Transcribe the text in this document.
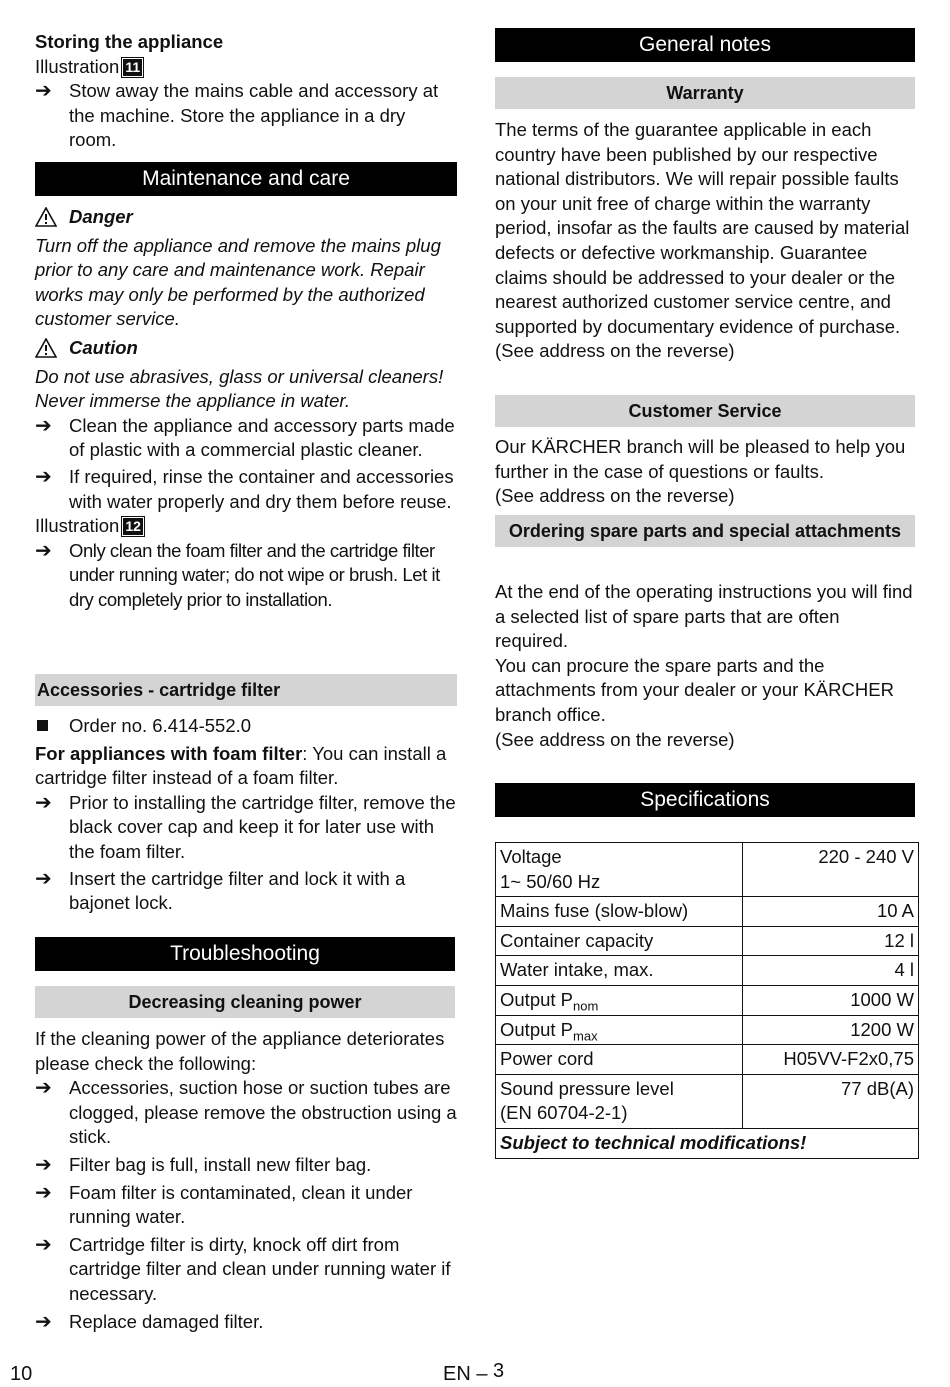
Storing the appliance

Illustration 11

➔ Stow away the mains cable and accessory at the machine. Store the appliance in a dry room.

Maintenance and care

Danger

Turn off the appliance and remove the mains plug prior to any care and maintenance work. Repair works may only be performed by the authorized customer service.

Caution

Do not use abrasives, glass or universal cleaners! Never immerse the appliance in water.

➔ Clean the appliance and accessory parts made of plastic with a commercial plastic cleaner.

➔ If required, rinse the container and accessories with water properly and dry them before reuse.

Illustration 12

➔ Only clean the foam filter and the cartridge filter under running water; do not wipe or brush. Let it dry completely prior to installation.

Accessories - cartridge filter

Order no. 6.414-552.0

For appliances with foam filter: You can install a cartridge filter instead of a foam filter.

➔ Prior to installing the cartridge filter, remove the black cover cap and keep it for later use with the foam filter.

➔ Insert the cartridge filter and lock it with a bajonet lock.

Troubleshooting
Decreasing cleaning power

If the cleaning power of the appliance deteriorates please check the following:

➔ Accessories, suction hose or suction tubes are clogged, please remove the obstruction using a stick.

➔ Filter bag is full, install new filter bag.

➔ Foam filter is contaminated, clean it under running water.

➔ Cartridge filter is dirty, knock off dirt from cartridge filter and clean under running water if necessary.

➔ Replace damaged filter.

General notes
Warranty

The terms of the guarantee applicable in each country have been published by our respective national distributors. We will repair possible faults on your unit free of charge within the warranty period, insofar as the faults are caused by material defects or defective workmanship. Guarantee claims should be addressed to your dealer or the nearest authorized customer service centre, and supported by documentary evidence of purchase.

(See address on the reverse)

Customer Service

Our KÄRCHER branch will be pleased to help you further in the case of questions or faults.

(See address on the reverse)

Ordering spare parts and special attachments

At the end of the operating instructions you will find a selected list of spare parts that are often required.

You can procure the spare parts and the attachments from your dealer or your KÄRCHER branch office.

(See address on the reverse)

Specifications
Voltage
1~ 50/60 Hz	220 - 240 V
Mains fuse (slow-blow)	10 A
Container capacity	12 l
Water intake, max.	4 l
Output $P_{nom}$	1000 W
Output $P_{max}$	1200 W
Power cord	H05VV-F2x0,75
Sound pressure level
(EN 60704-2-1)	77 dB(A)
Subject to technical modifications!	
10	EN – 3
